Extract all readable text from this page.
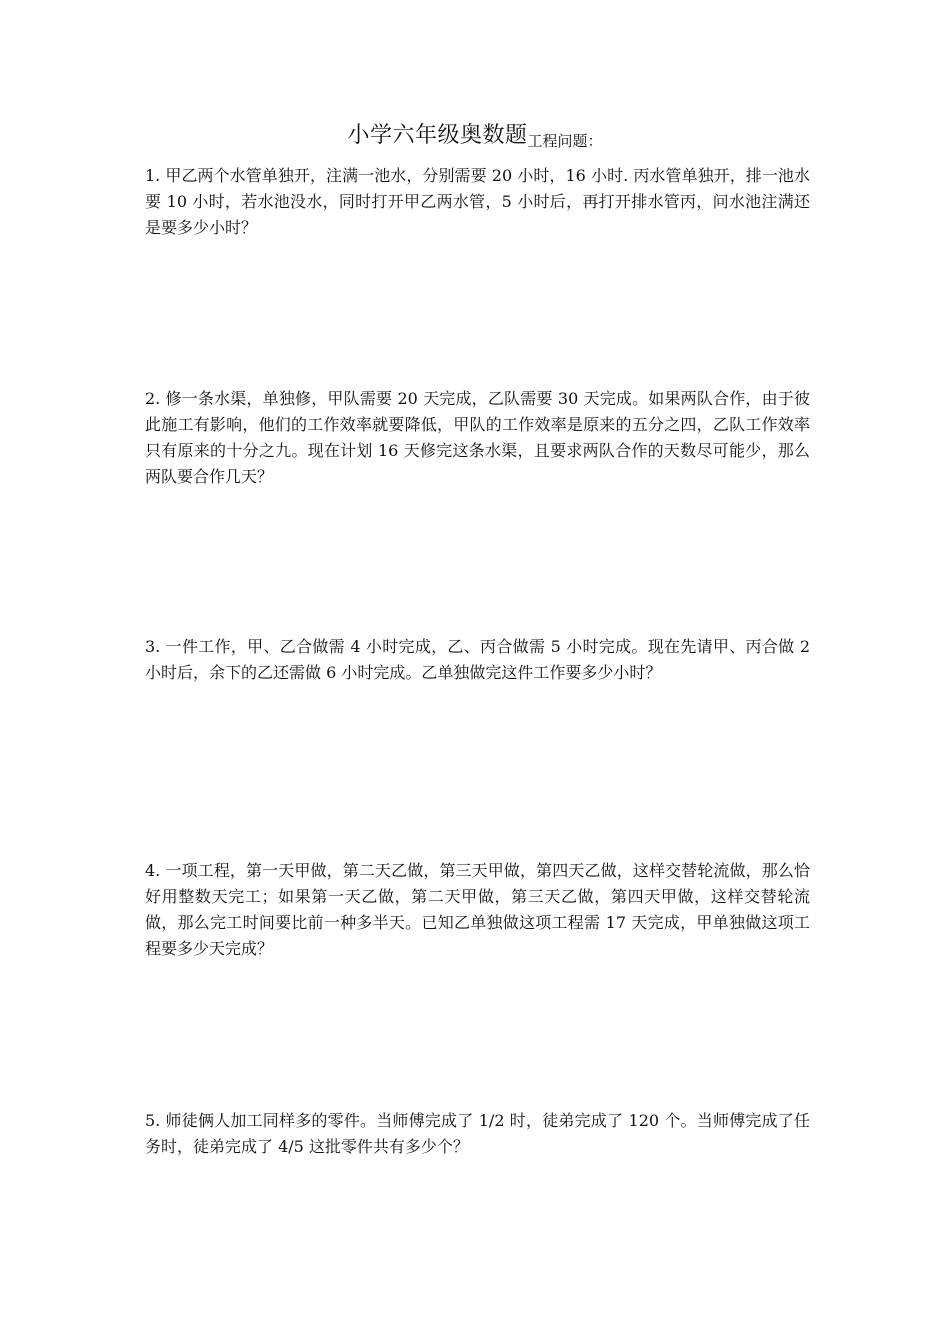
小学六年级奥数题工程问题：
1. 甲乙两个水管单独开，注满一池水，分别需要 20 小时，16 小时. 丙水管单独开，排一池水要 10 小时，若水池没水，同时打开甲乙两水管，5 小时后，再打开排水管丙，问水池注满还是要多少小时？
2. 修一条水渠，单独修，甲队需要 20 天完成，乙队需要 30 天完成。如果两队合作，由于彼此施工有影响，他们的工作效率就要降低，甲队的工作效率是原来的五分之四，乙队工作效率只有原来的十分之九。现在计划 16 天修完这条水渠，且要求两队合作的天数尽可能少，那么两队要合作几天？
3. 一件工作，甲、乙合做需 4 小时完成，乙、丙合做需 5 小时完成。现在先请甲、丙合做 2 小时后，余下的乙还需做 6 小时完成。乙单独做完这件工作要多少小时？
4. 一项工程，第一天甲做，第二天乙做，第三天甲做，第四天乙做，这样交替轮流做，那么恰好用整数天完工；如果第一天乙做，第二天甲做，第三天乙做，第四天甲做，这样交替轮流做，那么完工时间要比前一种多半天。已知乙单独做这项工程需 17 天完成，甲单独做这项工程要多少天完成？
5. 师徒俩人加工同样多的零件。当师傅完成了 1/2 时，徒弟完成了 120 个。当师傅完成了任务时，徒弟完成了 4/5 这批零件共有多少个？
